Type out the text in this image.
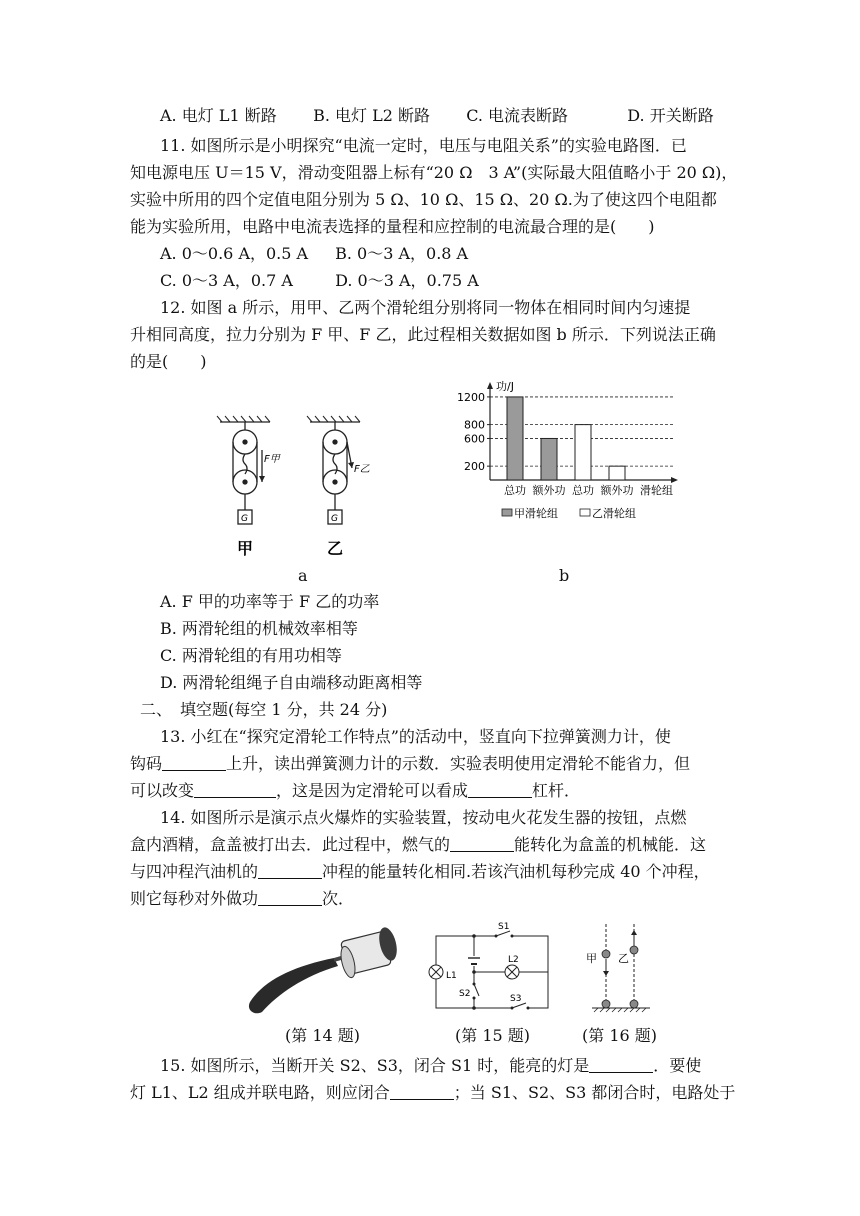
A. 电灯 L1 断路 B. 电灯 L2 断路 C. 电流表断路	D. 开关断路
11. 如图所示是小明探究“电流一定时，电压与电阻关系”的实验电路图．已
知电源电压 U＝15 V，滑动变阻器上标有“20 Ω　3 A”(实际最大阻值略小于 20 Ω)，
实验中所用的四个定值电阻分别为 5 Ω、10 Ω、15 Ω、20 Ω.为了使这四个电阻都
能为实验所用，电路中电流表选择的量程和应控制的电流最合理的是(　　)
A. 0～0.6 A，0.5 A B. 0～3 A，0.8 A
C. 0～3 A，0.7 A	D. 0～3 A，0.75 A
12. 如图 a 所示，用甲、乙两个滑轮组分别将同一物体在相同时间内匀速提
升相同高度，拉力分别为 F 甲、F 乙，此过程相关数据如图 b 所示．下列说法正确
的是(　　)
F甲
F乙
G	G
甲	乙
a
功/J
200
600
800
1200
总功 额外功 总功 额外功 滑轮组
甲滑轮组	乙滑轮组
b
A. F 甲的功率等于 F 乙的功率
B. 两滑轮组的机械效率相等
C. 两滑轮组的有用功相等
D. 两滑轮组绳子自由端移动距离相等
二、　填空题(每空 1 分，共 24 分)
13. 小红在“探究定滑轮工作特点”的活动中，竖直向下拉弹簧测力计，使
钩码	上升，读出弹簧测力计的示数．实验表明使用定滑轮不能省力，但
可以改变	，这是因为定滑轮可以看成	杠杆．
14. 如图所示是演示点火爆炸的实验装置，按动电火花发生器的按钮，点燃
盒内酒精，盒盖被打出去．此过程中，燃气的	能转化为盒盖的机械能．这
与四冲程汽油机的	冲程的能量转化相同.若该汽油机每秒完成 40 个冲程，
则它每秒对外做功	次．
S1
L1
L2
S2	S3
甲 乙
(第 14 题)	(第 15 题)	(第 16 题)
15. 如图所示，当断开关 S2、S3，闭合 S1 时，能亮的灯是	．要使
灯 L1、L2 组成并联电路，则应闭合	；当 S1、S2、S3 都闭合时，电路处于
